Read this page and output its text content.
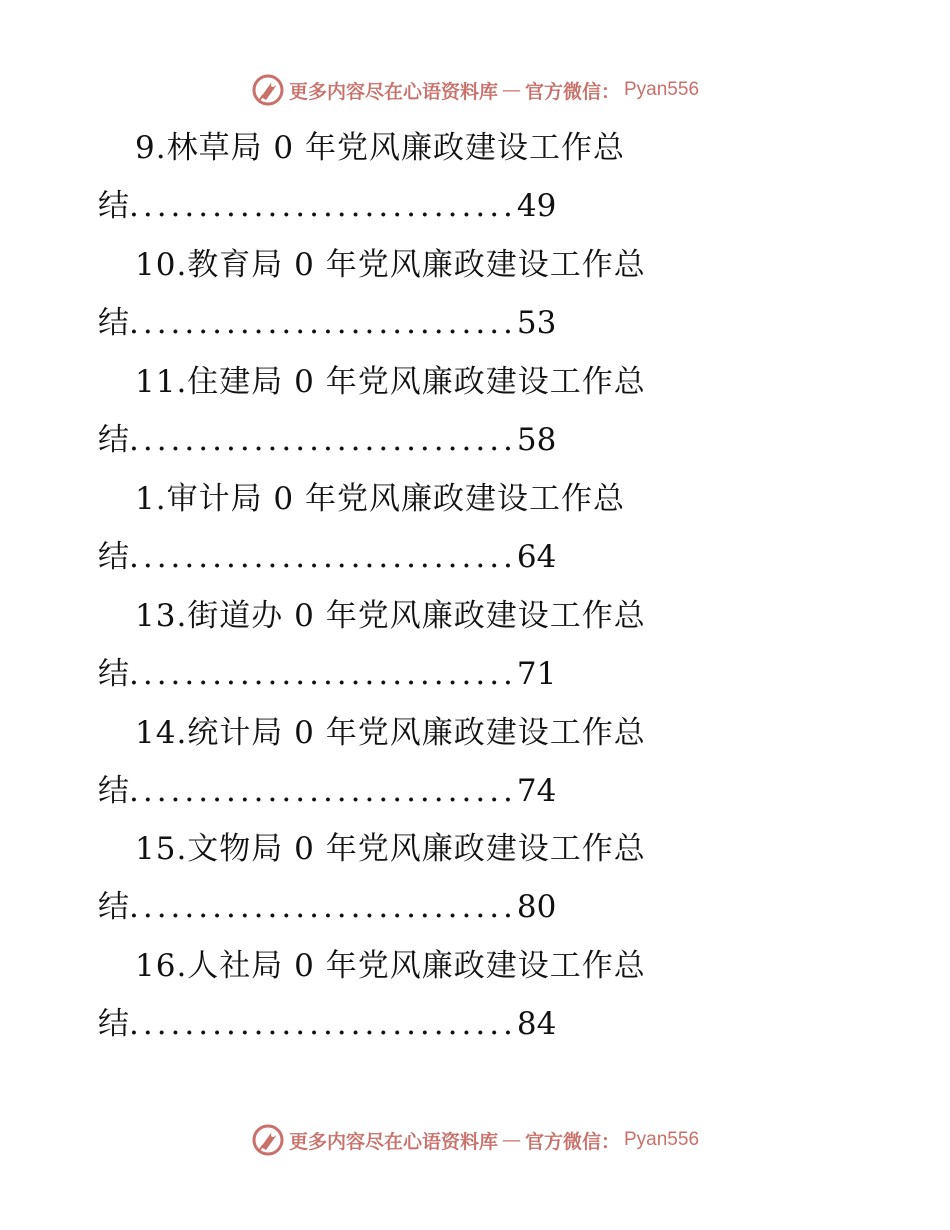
更多内容尽在心语资料库 — 官方微信： Pyan556
9.林草局 0 年党风廉政建设工作总
结............................49
10.教育局 0 年党风廉政建设工作总
结............................53
11.住建局 0 年党风廉政建设工作总
结............................58
1.审计局 0 年党风廉政建设工作总
结............................64
13.街道办 0 年党风廉政建设工作总
结............................71
14.统计局 0 年党风廉政建设工作总
结............................74
15.文物局 0 年党风廉政建设工作总
结............................80
16.人社局 0 年党风廉政建设工作总
结............................84
更多内容尽在心语资料库 — 官方微信： Pyan556
